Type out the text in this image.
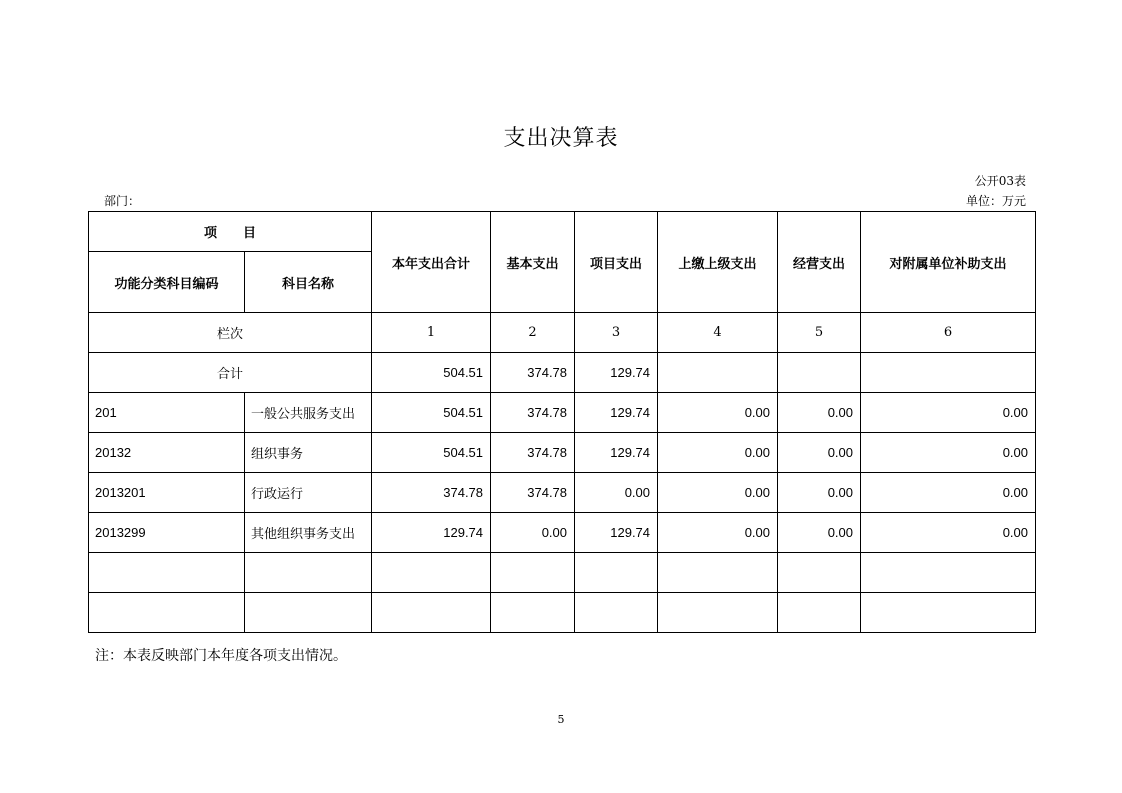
支出决算表
公开03表
部门：	单位：万元
项　　目		本年支出合计	基本支出	项目支出	上缴上级支出	经营支出	对附属单位补助支出
功能分类科目编码	科目名称						
栏次		1	2	3	4	5	6
合计		504.51	374.78	129.74			
201	一般公共服务支出	504.51	374.78	129.74	0.00	0.00	0.00
20132	组织事务	504.51	374.78	129.74	0.00	0.00	0.00
2013201	行政运行	374.78	374.78	0.00	0.00	0.00	0.00
2013299	其他组织事务支出	129.74	0.00	129.74	0.00	0.00	0.00

注：本表反映部门本年度各项支出情况。
5
